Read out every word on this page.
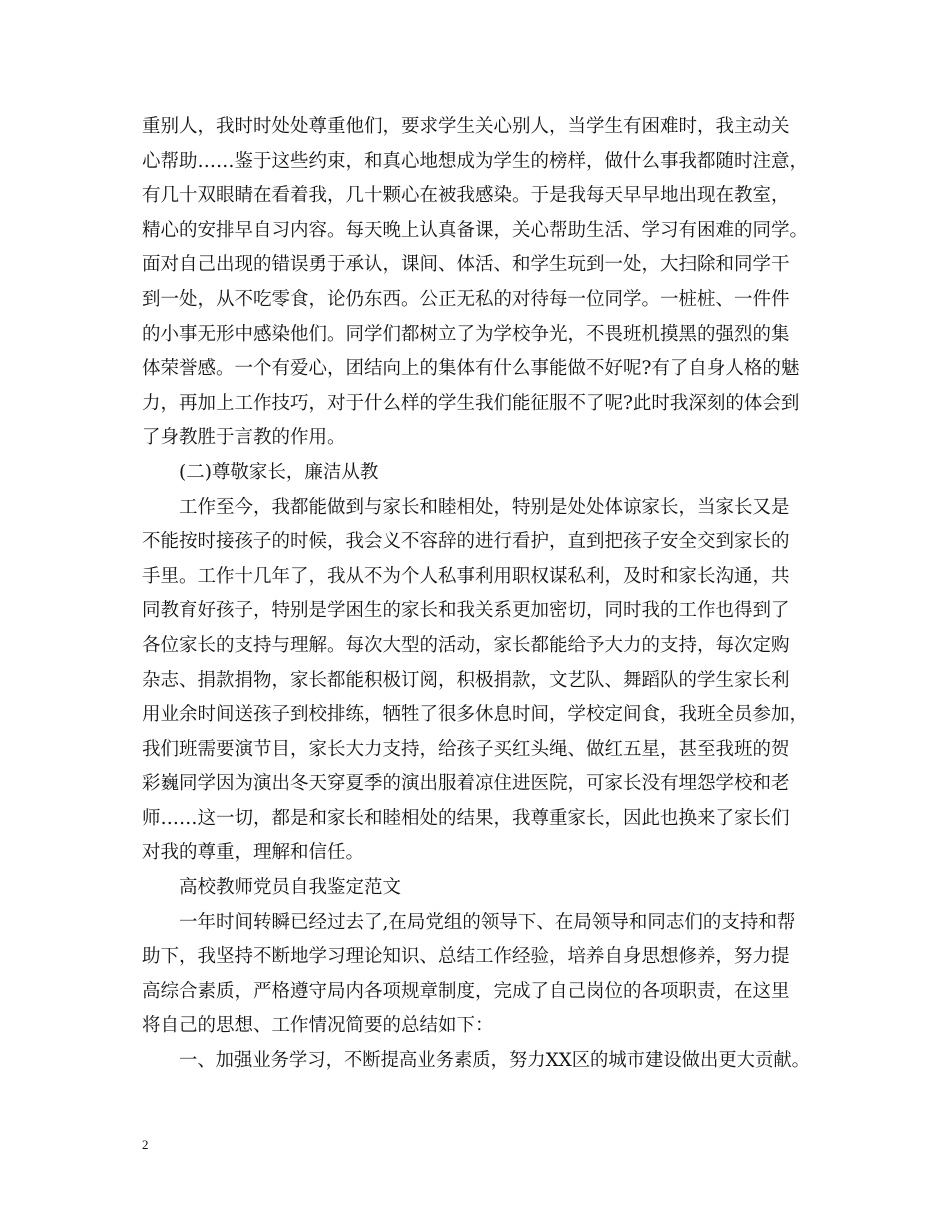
重别人，我时时处处尊重他们，要求学生关心别人，当学生有困难时，我主动关
心帮助……鉴于这些约束，和真心地想成为学生的榜样，做什么事我都随时注意，
有几十双眼睛在看着我，几十颗心在被我感染。于是我每天早早地出现在教室，
精心的安排早自习内容。每天晚上认真备课，关心帮助生活、学习有困难的同学。
面对自己出现的错误勇于承认，课间、体活、和学生玩到一处，大扫除和同学干
到一处，从不吃零食，论仍东西。公正无私的对待每一位同学。一桩桩、一件件
的小事无形中感染他们。同学们都树立了为学校争光，不畏班机摸黑的强烈的集
体荣誉感。一个有爱心，团结向上的集体有什么事能做不好呢?有了自身人格的魅
力，再加上工作技巧，对于什么样的学生我们能征服不了呢?此时我深刻的体会到
了身教胜于言教的作用。
(二)尊敬家长，廉洁从教
工作至今，我都能做到与家长和睦相处，特别是处处体谅家长，当家长又是
不能按时接孩子的时候，我会义不容辞的进行看护，直到把孩子安全交到家长的
手里。工作十几年了，我从不为个人私事利用职权谋私利，及时和家长沟通，共
同教育好孩子，特别是学困生的家长和我关系更加密切，同时我的工作也得到了
各位家长的支持与理解。每次大型的活动，家长都能给予大力的支持，每次定购
杂志、捐款捐物，家长都能积极订阅，积极捐款，文艺队、舞蹈队的学生家长利
用业余时间送孩子到校排练，牺牲了很多休息时间，学校定间食，我班全员参加，
我们班需要演节目，家长大力支持，给孩子买红头绳、做红五星，甚至我班的贺
彩巍同学因为演出冬天穿夏季的演出服着凉住进医院，可家长没有埋怨学校和老
师……这一切，都是和家长和睦相处的结果，我尊重家长，因此也换来了家长们
对我的尊重，理解和信任。
高校教师党员自我鉴定范文
一年时间转瞬已经过去了,在局党组的领导下、在局领导和同志们的支持和帮
助下，我坚持不断地学习理论知识、总结工作经验，培养自身思想修养，努力提
高综合素质，严格遵守局内各项规章制度，完成了自己岗位的各项职责，在这里
将自己的思想、工作情况简要的总结如下：
一、加强业务学习，不断提高业务素质，努力XX区的城市建设做出更大贡献。
2
